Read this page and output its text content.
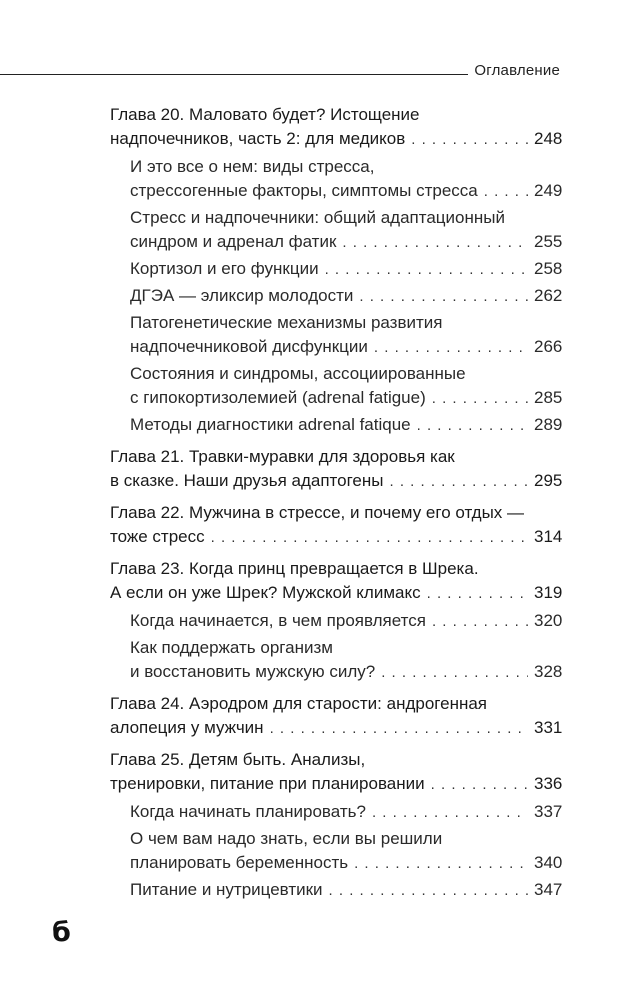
Оглавление
Глава 20. Маловато будет? Истощение
надпочечников, часть 2: для медиков . . .	248
И это все о нем: виды стресса,
стрессогенные факторы, симптомы стресса . . .	249
Стресс и надпочечники: общий адаптационный
синдром и адренал фатик . . .	255
Кортизол и его функции . . .	258
ДГЭА — эликсир молодости . . .	262
Патогенетические механизмы развития
надпочечниковой дисфункции . . .	266
Состояния и синдромы, ассоциированные
с гипокортизолемией (adrenal fatigue) . . .	285
Методы диагностики adrenal fatique . . .	289
Глава 21. Травки-муравки для здоровья как
в сказке. Наши друзья адаптогены . . .	295
Глава 22. Мужчина в стрессе, и почему его отдых —
тоже стресс . . .	314
Глава 23. Когда принц превращается в Шрека.
А если он уже Шрек? Мужской климакс . . .	319
Когда начинается, в чем проявляется . . .	320
Как поддержать организм
и восстановить мужскую силу? . . .	328
Глава 24. Аэродром для старости: андрогенная
алопеция у мужчин . . .	331
Глава 25. Детям быть. Анализы,
тренировки, питание при планировании . . .	336
Когда начинать планировать? . . .	337
О чем вам надо знать, если вы решили
планировать беременность . . .	340
Питание и нутрицевтики . . .	347
б
